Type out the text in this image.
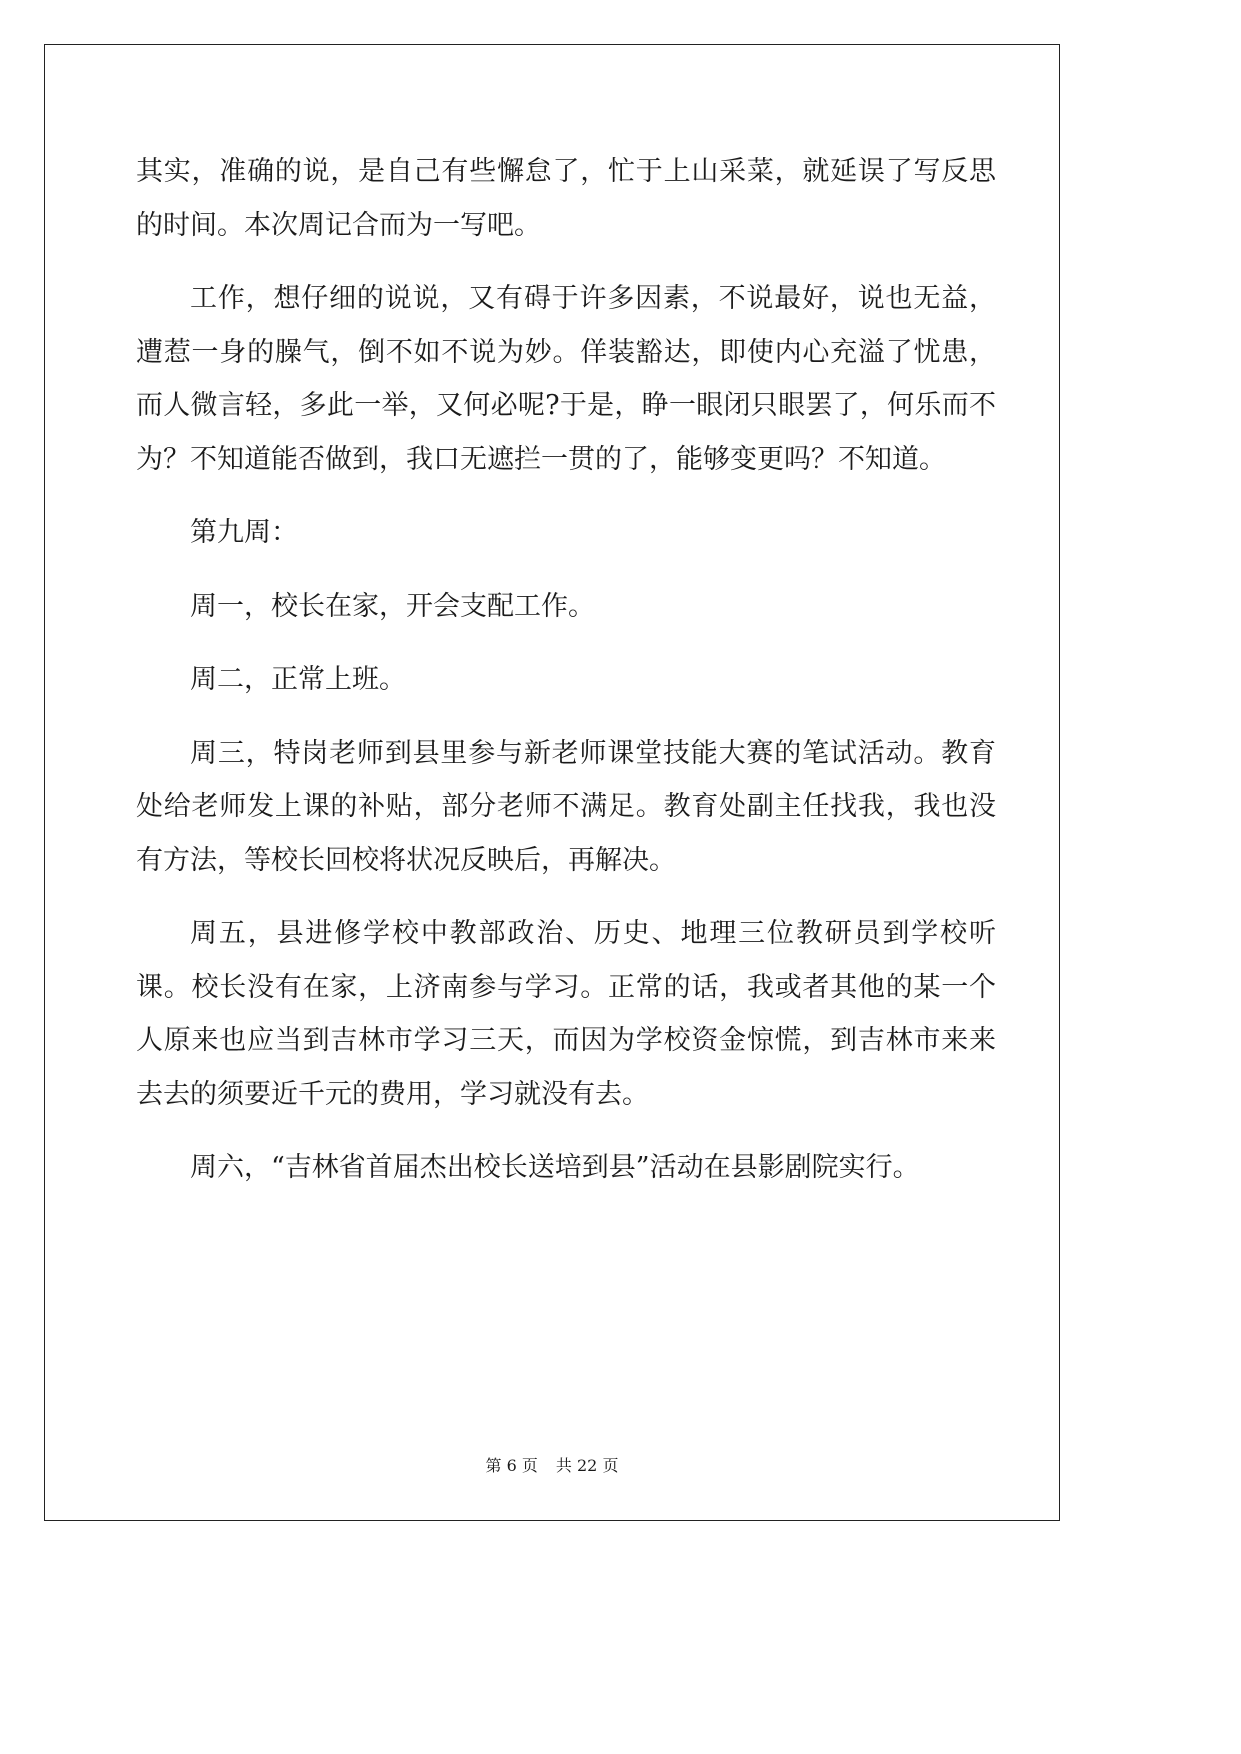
其实，准确的说，是自己有些懈怠了，忙于上山采菜，就延误了写反思的时间。本次周记合而为一写吧。

工作，想仔细的说说，又有碍于许多因素，不说最好，说也无益，遭惹一身的臊气，倒不如不说为妙。佯装豁达，即使内心充溢了忧患，而人微言轻，多此一举，又何必呢?于是，睁一眼闭只眼罢了，何乐而不为？不知道能否做到，我口无遮拦一贯的了，能够变更吗？不知道。

第九周：

周一，校长在家，开会支配工作。

周二，正常上班。

周三，特岗老师到县里参与新老师课堂技能大赛的笔试活动。教育处给老师发上课的补贴，部分老师不满足。教育处副主任找我，我也没有方法，等校长回校将状况反映后，再解决。

周五，县进修学校中教部政治、历史、地理三位教研员到学校听课。校长没有在家，上济南参与学习。正常的话，我或者其他的某一个人原来也应当到吉林市学习三天，而因为学校资金惊慌，到吉林市来来去去的须要近千元的费用，学习就没有去。

周六，“吉林省首届杰出校长送培到县”活动在县影剧院实行。

第 6 页 共 22 页
